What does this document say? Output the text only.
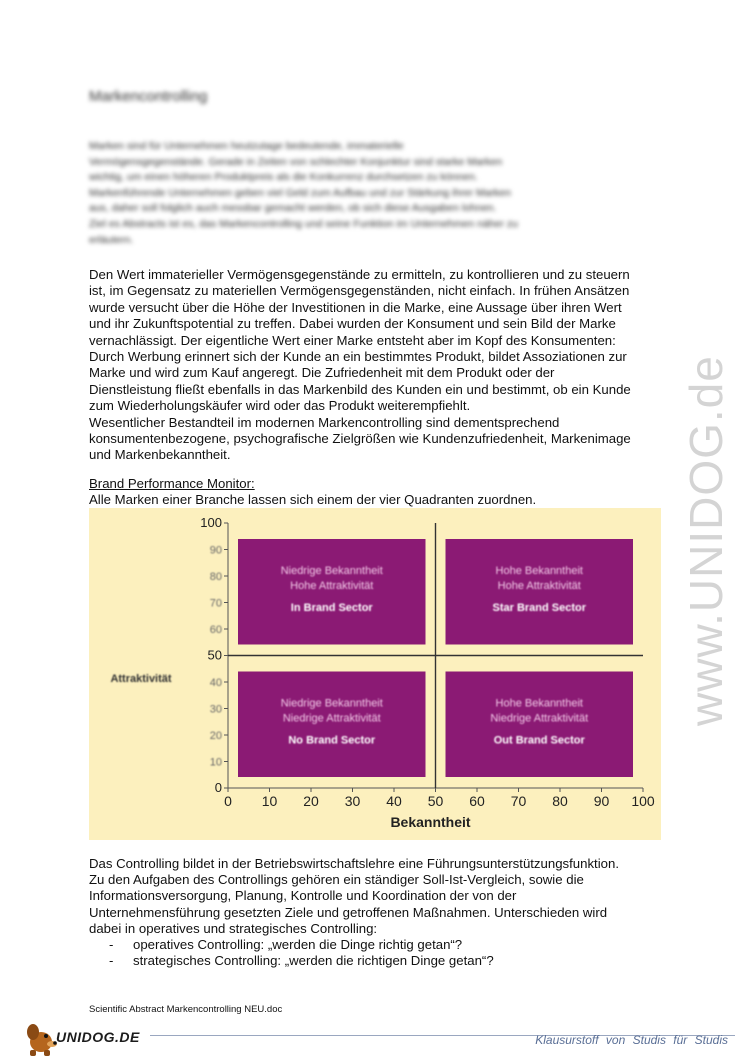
Markencontrolling
Marken sind für Unternehmen heutzutage bedeutende, immaterielle
Vermögensgegenstände. Gerade in Zeiten von schlechter Konjunktur sind starke Marken
wichtig, um einen höheren Produktpreis als die Konkurrenz durchsetzen zu können.
Markenführende Unternehmen geben viel Geld zum Aufbau und zur Stärkung ihrer Marken
aus, daher soll folglich auch messbar gemacht werden, ob sich diese Ausgaben lohnen.
Ziel es Abstracts ist es, das Markencontrolling und seine Funktion im Unternehmen näher zu
erläutern.
Den Wert immaterieller Vermögensgegenstände zu ermitteln, zu kontrollieren und zu steuern
ist, im Gegensatz zu materiellen Vermögensgegenständen, nicht einfach. In frühen Ansätzen
wurde versucht über die Höhe der Investitionen in die Marke, eine Aussage über ihren Wert
und ihr Zukunftspotential zu treffen. Dabei wurden der Konsument und sein Bild der Marke
vernachlässigt. Der eigentliche Wert einer Marke entsteht aber im Kopf des Konsumenten:
Durch Werbung erinnert sich der Kunde an ein bestimmtes Produkt, bildet Assoziationen zur
Marke und wird zum Kauf angeregt. Die Zufriedenheit mit dem Produkt oder der
Dienstleistung fließt ebenfalls in das Markenbild des Kunden ein und bestimmt, ob ein Kunde
zum Wiederholungskäufer wird oder das Produkt weiterempfiehlt.
Wesentlicher Bestandteil im modernen Markencontrolling sind dementsprechend
konsumentenbezogene, psychografische Zielgrößen wie Kundenzufriedenheit, Markenimage
und Markenbekanntheit.
Brand Performance Monitor:
Alle Marken einer Branche lassen sich einem der vier Quadranten zuordnen.
Niedrige Bekanntheit
Hohe Attraktivität
In Brand Sector
Hohe Bekanntheit
Hohe Attraktivität
Star Brand Sector
Niedrige Bekanntheit
Niedrige Attraktivität
No Brand Sector
Hohe Bekanntheit
Niedrige Attraktivität
Out Brand Sector
0
10
20
30
40
50
60
70
80
90
100
0 10 20 30 40 50 60 70 80 90 100
Bekanntheit
Attraktivität
Das Controlling bildet in der Betriebswirtschaftslehre eine Führungsunterstützungsfunktion.
Zu den Aufgaben des Controllings gehören ein ständiger Soll-Ist-Vergleich, sowie die
Informationsversorgung, Planung, Kontrolle und Koordination der von der
Unternehmensführung gesetzten Ziele und getroffenen Maßnahmen. Unterschieden wird
dabei in operatives und strategisches Controlling:
- operatives Controlling: „werden die Dinge richtig getan“?
- strategisches Controlling: „werden die richtigen Dinge getan“?
Scientific Abstract Markencontrolling NEU.doc
www.UNIDOG.de
UNIDOG.DE	Klausurstoff von Studis für Studis
